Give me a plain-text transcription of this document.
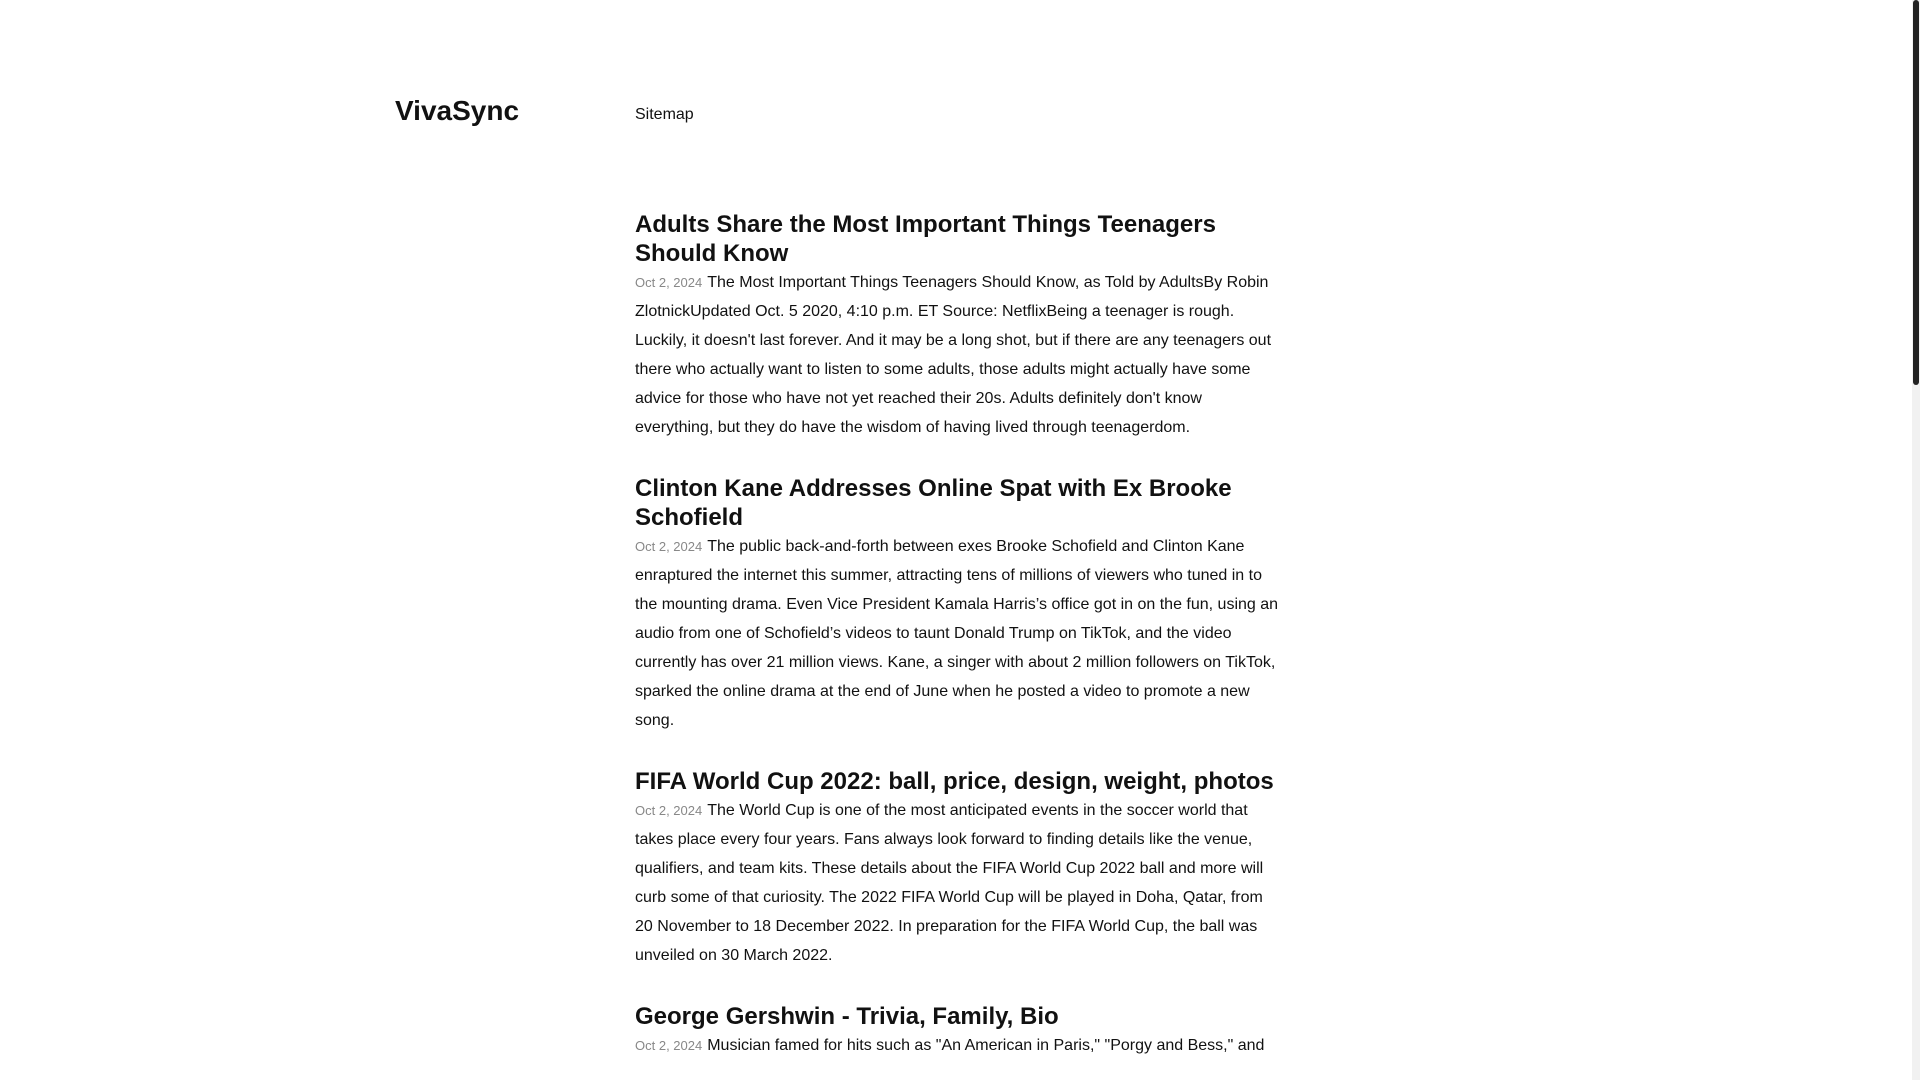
VivaSync	Sitemap
Adults Share the Most Important Things Teenagers Should Know

Oct 2, 2024 The Most Important Things Teenagers Should Know, as Told by AdultsBy Robin ZlotnickUpdated Oct. 5 2020, 4:10 p.m. ET Source: NetflixBeing a teenager is rough. Luckily, it doesn't last forever. And it may be a long shot, but if there are any teenagers out there who actually want to listen to some adults, those adults might actually have some advice for those who have not yet reached their 20s. Adults definitely don't know everything, but they do have the wisdom of having lived through teenagerdom.

Clinton Kane Addresses Online Spat with Ex Brooke Schofield

Oct 2, 2024 The public back-and-forth between exes Brooke Schofield and Clinton Kane enraptured the internet this summer, attracting tens of millions of viewers who tuned in to the mounting drama. Even Vice President Kamala Harris’s office got in on the fun, using an audio from one of Schofield’s videos to taunt Donald Trump on TikTok, and the video currently has over 21 million views. Kane, a singer with about 2 million followers on TikTok, sparked the online drama at the end of June when he posted a video to promote a new song.

FIFA World Cup 2022: ball, price, design, weight, photos

Oct 2, 2024 The World Cup is one of the most anticipated events in the soccer world that takes place every four years. Fans always look forward to finding details like the venue, qualifiers, and team kits. These details about the FIFA World Cup 2022 ball and more will curb some of that curiosity. The 2022 FIFA World Cup will be played in Doha, Qatar, from 20 November to 18 December 2022. In preparation for the FIFA World Cup, the ball was unveiled on 30 March 2022.

George Gershwin - Trivia, Family, Bio

Oct 2, 2024 Musician famed for hits such as "An American in Paris," "Porgy and Bess," and
